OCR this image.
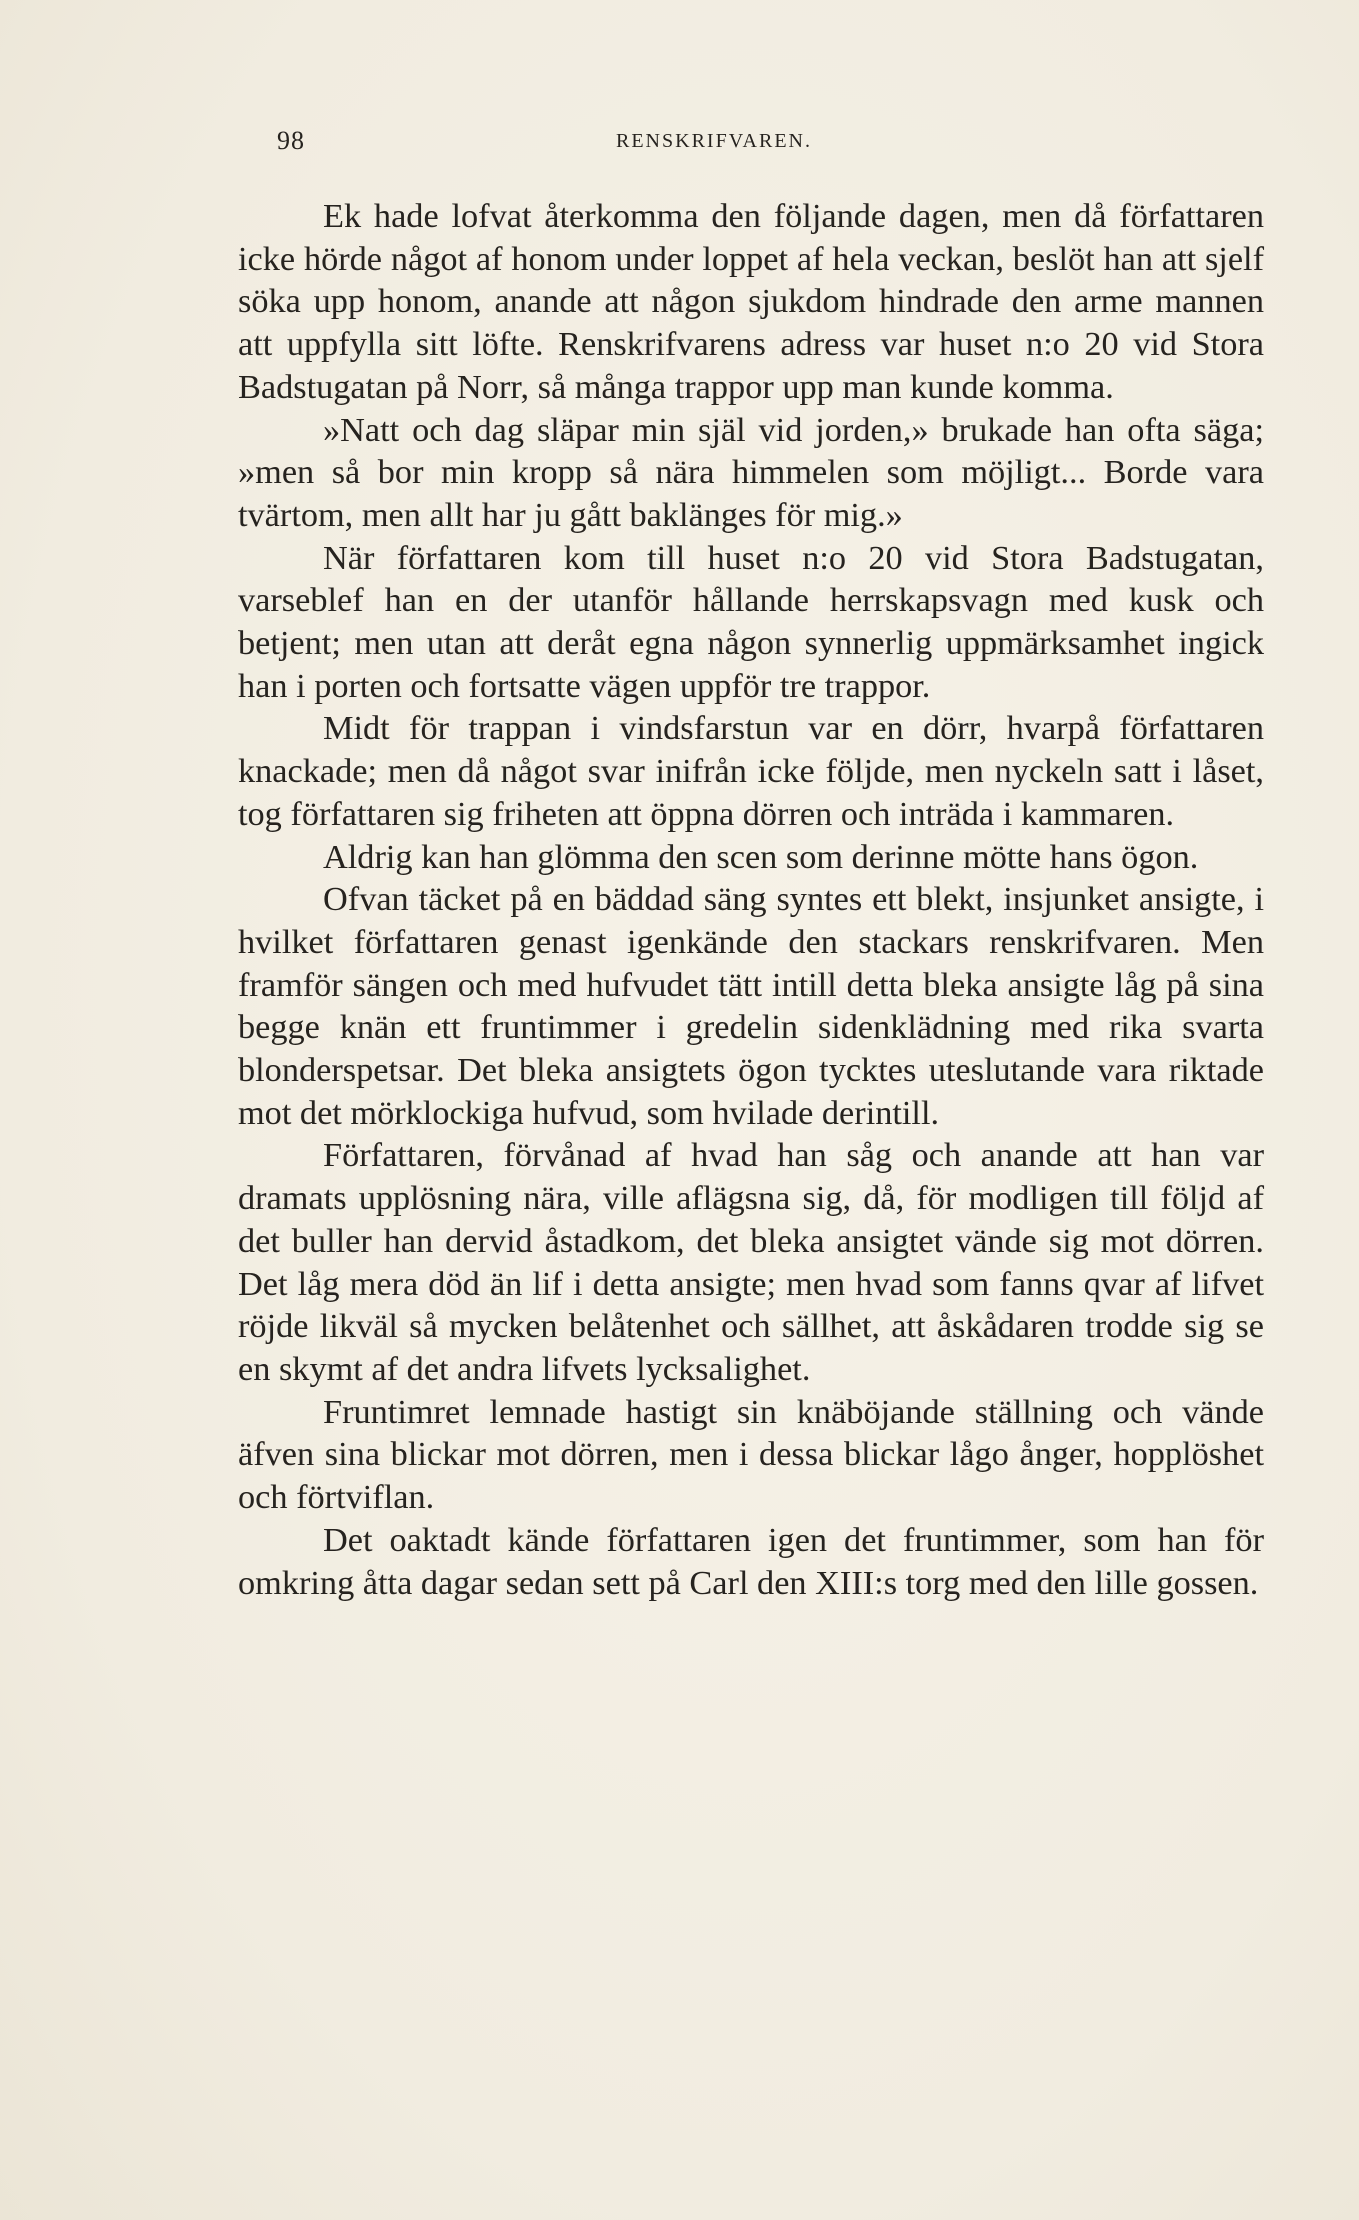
98	RENSKRIFVAREN.

Ek hade lofvat återkomma den följande dagen, men då författaren icke hörde något af honom under loppet af hela veckan, beslöt han att sjelf söka upp honom, anande att någon sjukdom hindrade den arme mannen att uppfylla sitt löfte. Renskrifvarens adress var huset n:o 20 vid Stora Badstugatan på Norr, så många trappor upp man kunde komma.

»Natt och dag släpar min själ vid jorden,» brukade han ofta säga; »men så bor min kropp så nära himmelen som möjligt... Borde vara tvärtom, men allt har ju gått baklänges för mig.»

När författaren kom till huset n:o 20 vid Stora Badstugatan, varseblef han en der utanför hållande herrskapsvagn med kusk och betjent; men utan att deråt egna någon synnerlig uppmärksamhet ingick han i porten och fortsatte vägen uppför tre trappor.

Midt för trappan i vindsfarstun var en dörr, hvarpå författaren knackade; men då något svar inifrån icke följde, men nyckeln satt i låset, tog författaren sig friheten att öppna dörren och inträda i kammaren.

Aldrig kan han glömma den scen som derinne mötte hans ögon.

Ofvan täcket på en bäddad säng syntes ett blekt, insjunket ansigte, i hvilket författaren genast igenkände den stackars renskrifvaren. Men framför sängen och med hufvudet tätt intill detta bleka ansigte låg på sina begge knän ett fruntimmer i gredelin sidenklädning med rika svarta blonderspetsar. Det bleka ansigtets ögon tycktes uteslutande vara riktade mot det mörklockiga hufvud, som hvilade derintill.

Författaren, förvånad af hvad han såg och anande att han var dramats upplösning nära, ville aflägsna sig, då, för modligen till följd af det buller han dervid åstadkom, det bleka ansigtet vände sig mot dörren. Det låg mera död än lif i detta ansigte; men hvad som fanns qvar af lifvet röjde likväl så mycken belåtenhet och sällhet, att åskådaren trodde sig se en skymt af det andra lifvets lycksalighet.

Fruntimret lemnade hastigt sin knäböjande ställning och vände äfven sina blickar mot dörren, men i dessa blickar lågo ånger, hopplöshet och förtviflan.

Det oaktadt kände författaren igen det fruntimmer, som han för omkring åtta dagar sedan sett på Carl den XIII:s torg med den lille gossen.
